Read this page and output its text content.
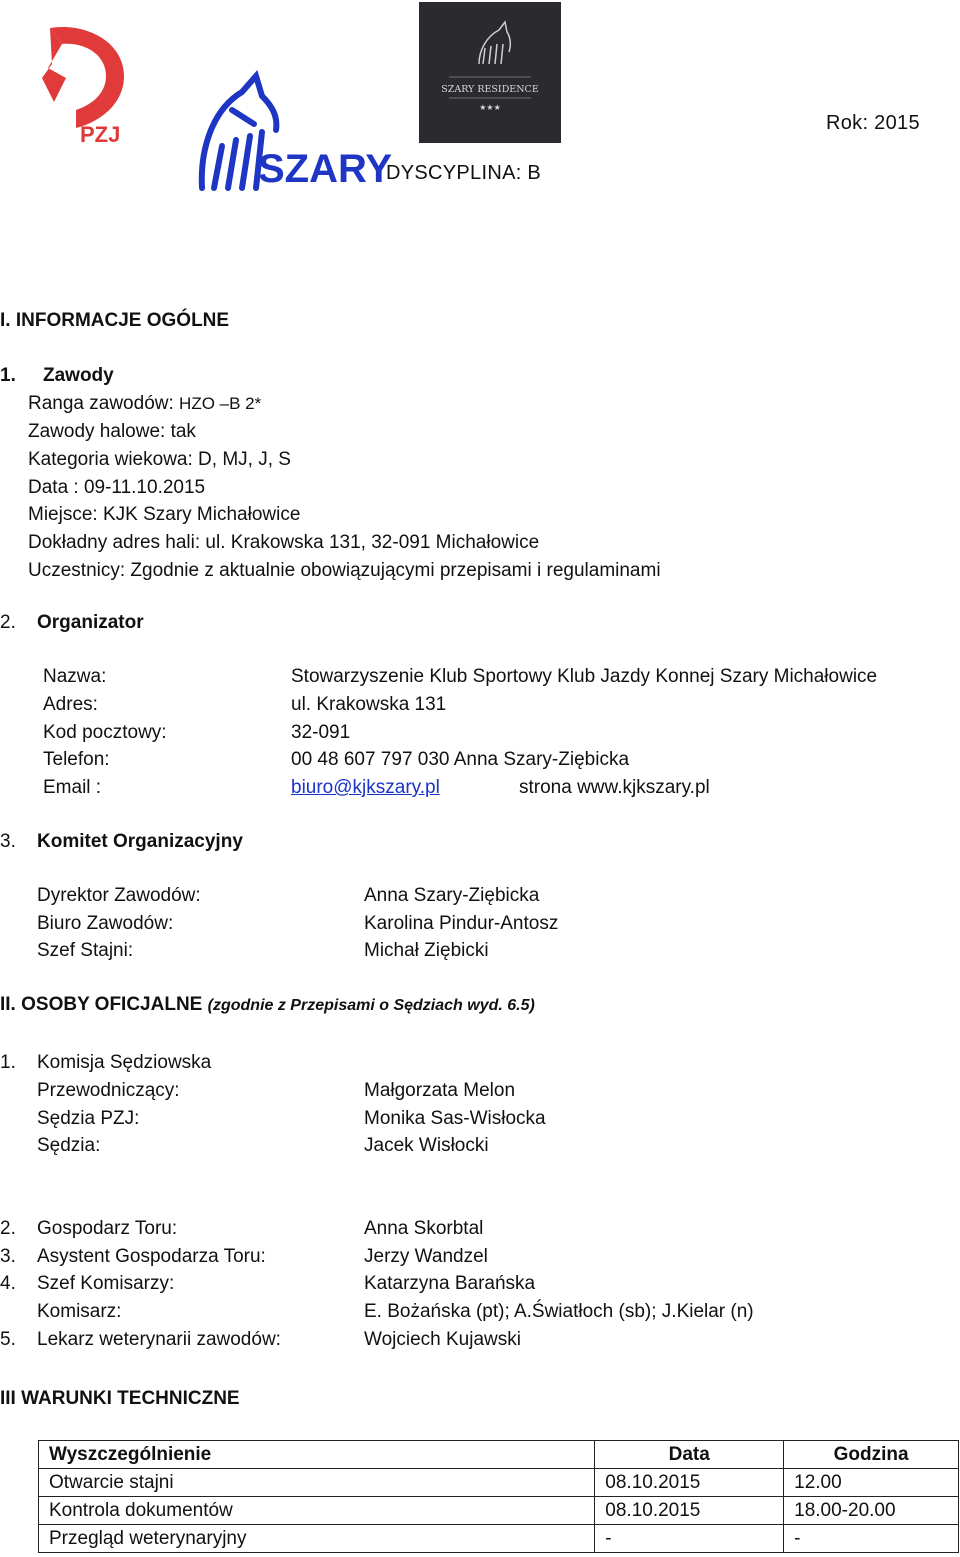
PZJ
SZARY
SZARY RESIDENCE
★★★
Rok: 2015
DYSCYPLINA: B
I. INFORMACJE OGÓLNE
1. Zawody
Ranga zawodów: HZO –B 2*
Zawody halowe: tak
Kategoria wiekowa: D, MJ, J, S
Data : 09-11.10.2015
Miejsce: KJK Szary Michałowice
Dokładny adres hali: ul. Krakowska 131, 32-091 Michałowice
Uczestnicy: Zgodnie z aktualnie obowiązującymi przepisami i regulaminami
2. Organizator
Nazwa:	Stowarzyszenie Klub Sportowy Klub Jazdy Konnej Szary Michałowice
Adres:	ul. Krakowska 131
Kod pocztowy:	32-091
Telefon:	00 48 607 797 030 Anna Szary-Ziębicka
Email :	biuro@kjkszary.pl	strona www.kjkszary.pl
3. Komitet Organizacyjny
Dyrektor Zawodów:	Anna Szary-Ziębicka
Biuro Zawodów:	Karolina Pindur-Antosz
Szef Stajni:	Michał Ziębicki
II. OSOBY OFICJALNE (zgodnie z Przepisami o Sędziach wyd. 6.5)
1. Komisja Sędziowska
Przewodniczący:	Małgorzata Melon
Sędzia PZJ:	Monika Sas-Wisłocka
Sędzia:	Jacek Wisłocki
2. Gospodarz Toru:	Anna Skorbtal
3. Asystent Gospodarza Toru:	Jerzy Wandzel
4. Szef Komisarzy:	Katarzyna Barańska
Komisarz:	E. Bożańska (pt); A.Światłoch (sb); J.Kielar (n)
5. Lekarz weterynarii zawodów:	Wojciech Kujawski
III WARUNKI TECHNICZNE
Wyszczególnienie	Data	Godzina
Otwarcie stajni	08.10.2015	12.00
Kontrola dokumentów	08.10.2015	18.00-20.00
Przegląd weterynaryjny	-	-
